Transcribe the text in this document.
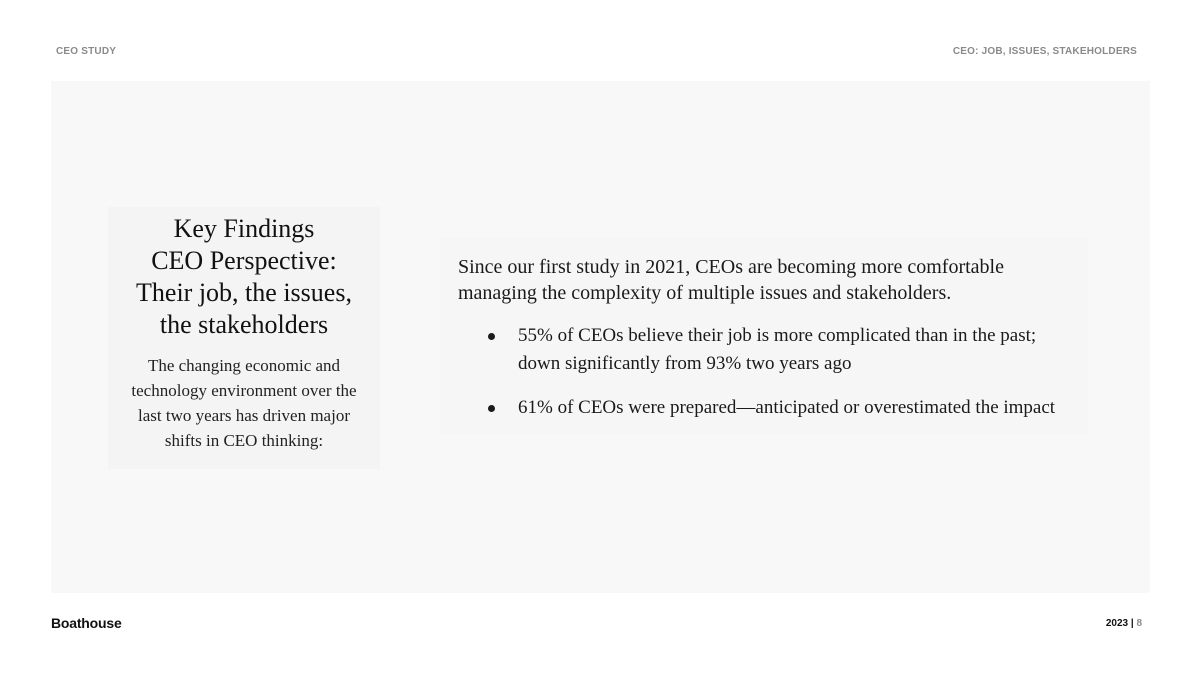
CEO STUDY	CEO: JOB, ISSUES, STAKEHOLDERS
Key Findings
CEO Perspective:
Their job, the issues,
the stakeholders

The changing economic and technology environment over the last two years has driven major shifts in CEO thinking:

Since our first study in 2021, CEOs are becoming more comfortable managing the complexity of multiple issues and stakeholders.

55% of CEOs believe their job is more complicated than in the past; down significantly from 93% two years ago
61% of CEOs were prepared—anticipated or overestimated the impact
Boathouse	2023 | 8
